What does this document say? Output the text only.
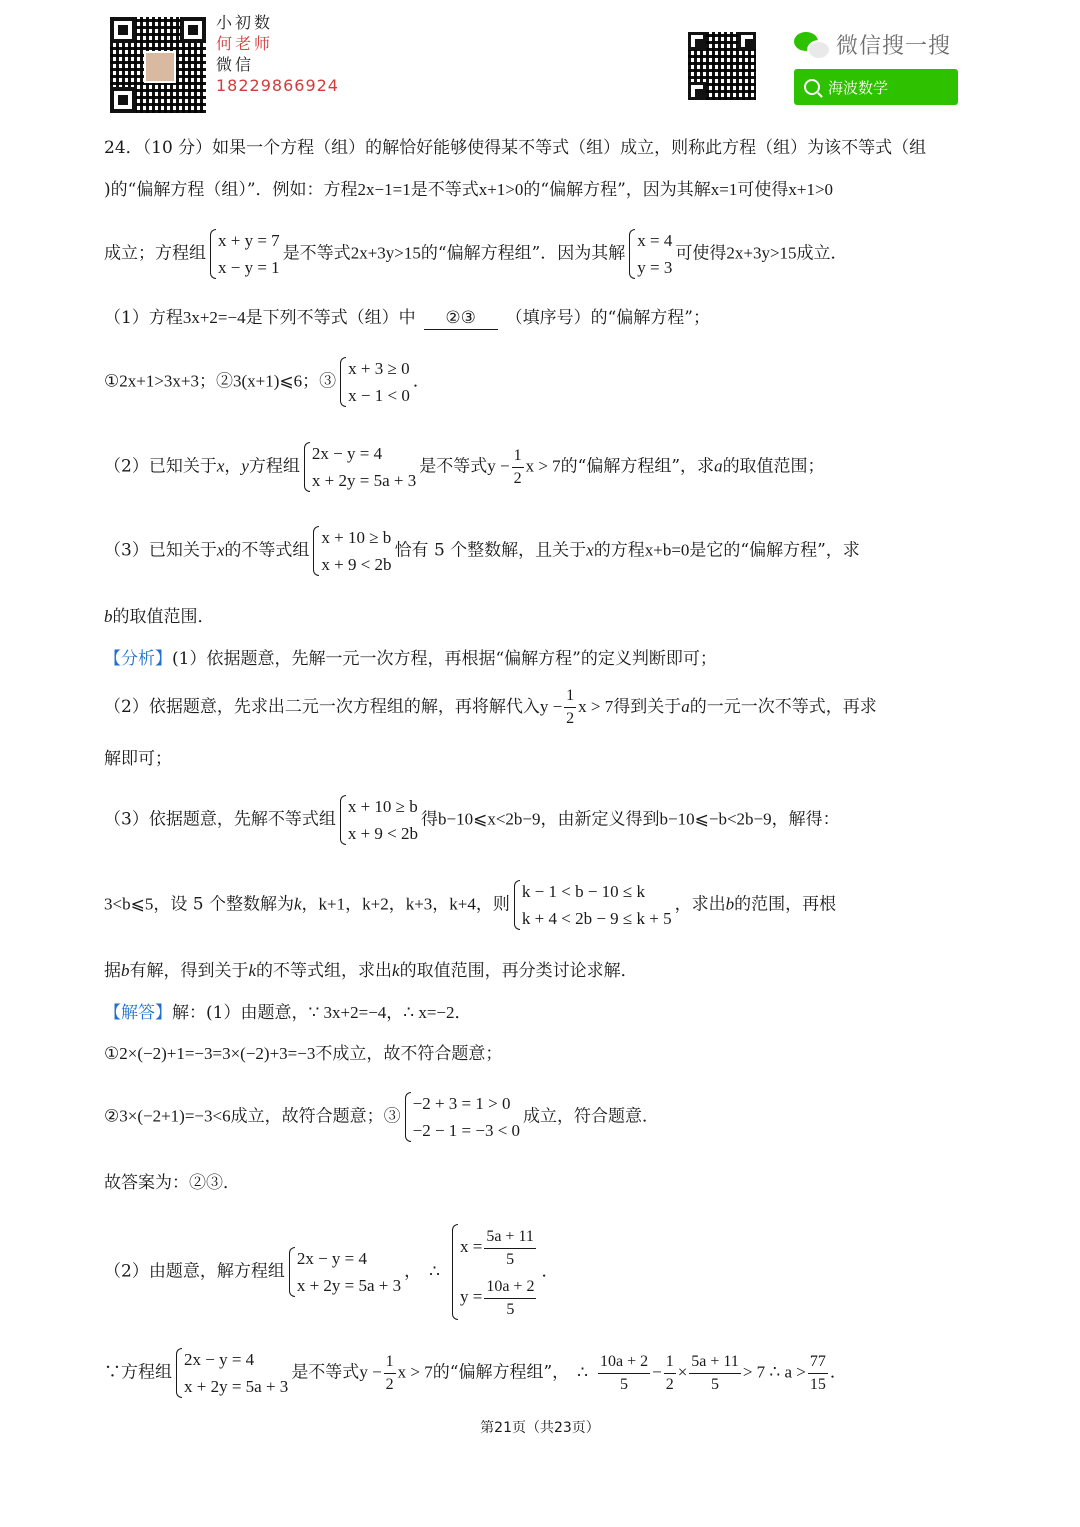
小初数
何老师
微信
18229866924
微信搜一搜
海波数学
24．（10 分）如果一个方程（组）的解恰好能够使得某不等式（组）成立，则称此方程（组）为该不等式（组
)的“偏解方程（组）”．例如：方程2x−1=1是不等式x+1>0的“偏解方程”，因为其解x=1可使得x+1>0
成立；方程组
x + y = 7
x − y = 1
是不等式2x+3y>15的“偏解方程组”．因为其解
x = 4
y = 3
可使得2x+3y>15成立．
（1）方程3x+2=−4是下列不等式（组）中 ②③ （填序号）的“偏解方程”；
①2x+1>3x+3；②3(x+1)⩽6；③
x + 3 ≥ 0
x − 1 < 0
．
（2）已知关于x，y方程组
2x − y = 4
x + 2y = 5a + 3
是不等式$y - \frac{1}{2}$ x > 7的“偏解方程组”，求a的取值范围；
（3）已知关于x的不等式组
x + 10 ≥ b
x + 9 < 2b
恰有 5 个整数解，且关于x的方程x+b=0是它的“偏解方程”，求
b的取值范围．
【分析】(1）依据题意，先解一元一次方程，再根据“偏解方程”的定义判断即可；
（2）依据题意，先求出二元一次方程组的解，再将解代入$y - \frac{1}{2}$ x > 7得到关于a的一元一次不等式，再求
解即可；
（3）依据题意，先解不等式组
x + 10 ≥ b
x + 9 < 2b
得b−10⩽x<2b−9，由新定义得到b−10⩽−b<2b−9，解得：
3<b⩽5，设 5 个整数解为k，k+1，k+2，k+3，k+4，则
k − 1 < b − 10 ≤ k
k + 4 < 2b − 9 ≤ k + 5
，求出b的范围，再根
据b有解，得到关于k的不等式组，求出k的取值范围，再分类讨论求解．
【解答】解：(1）由题意，∵ 3x+2=−4，∴ x=−2．
①2×(−2)+1=−3=3×(−2)+3=−3不成立，故不符合题意；
②3×(−2+1)=−3<6成立，故符合题意；③
−2 + 3 = 1 > 0
−2 − 1 = −3 < 0
成立，符合题意．
故答案为：②③．
（2）由题意，解方程组
2x − y = 4
x + 2y = 5a + 3
， ∴
$x = \frac{5a + 11}{5}$
$y = \frac{10a + 2}{5}$
．
∵方程组
2x − y = 4
x + 2y = 5a + 3
是不等式$y - \frac{1}{2}$ x > 7的“偏解方程组”， ∴ $\frac{10a + 2}{5} - \frac{1}{2} \times \frac{5a + 11}{5} > 7$ ∴ $a > \frac{77}{15}$ ．
第21页（共23页）
